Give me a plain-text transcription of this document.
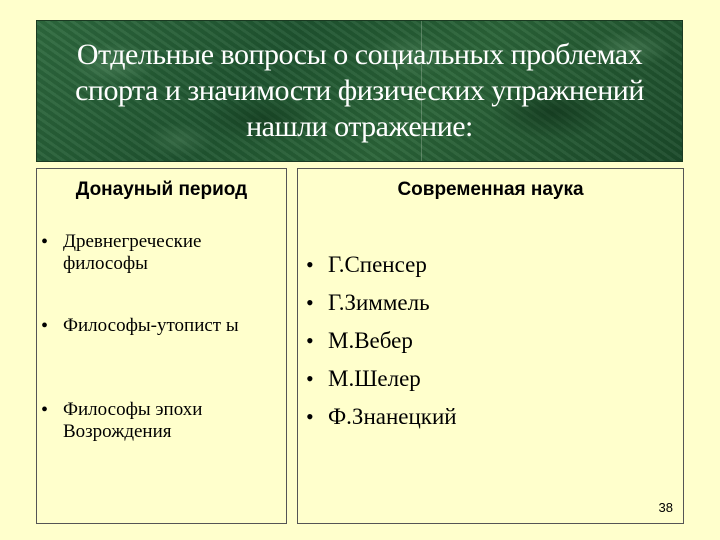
Отдельные вопросы о социальных проблемах
спорта и значимости физических упражнений
нашли отражение:
Донауный период
• Древнегреческие философы
• Философы-утопист ы
• Философы эпохи Возрождения
Современная наука
• Г.Спенсер
• Г.Зиммель
• М.Вебер
• М.Шелер
• Ф.Знанецкий
38
